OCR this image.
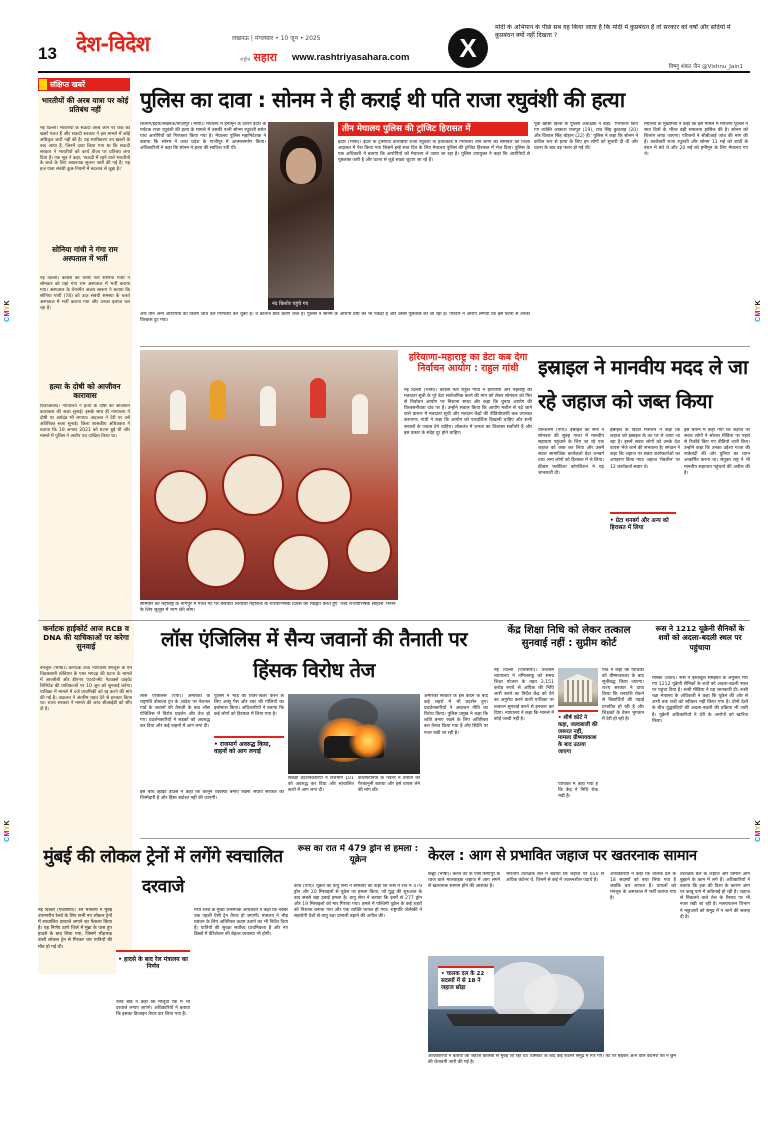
CMYK
CMYK
CMYK
CMYK
13 देश-विदेश	लखनऊ | मंगलवार • 10 जून • 2025
राष्ट्रीय सहारा www.rashtriyasahara.com	X
मोदी के अभियान के पीछे सब यह किया जाता है कि मोदी में कुप्रबंधन है तो सरकार को वर्षों और सदियों में कुप्रबंधन क्यों नहीं दिखता ?
विष्णु शंकर जैन @Vishnu_Jain1
संक्षिप्त खबरें
भारतीयों की अरब यात्रा पर कोई प्रतिबंध नहीं
नई दिल्ली। भारतीयों के सऊदी अरब जाने पर रोक की खबरें गलत हैं और सऊदी सरकार ने इस मामले में कोई अधिकृत जारी नहीं की है। यह स्पष्टीकरण उन खबरों के बाद आया है, जिनमें दावा किया गया था कि सऊदी सरकार ने भारतीयों को कार्य वीजा पर प्रतिबंध लगा दिया है। एक सूत्र ने कहा, 'सऊदी में रहने वाले भारतीयों के बच्चे के लिए आवश्यक सूचना जारी की गई है। यह हज यात्रा संबंधी कुछ नियमों में बदलाव से जुड़ा है।'
सोनिया गांधी ने गंगा राम अस्पताल में भर्ती
नई दिल्ली। कांग्रेस की वरिष्ठ नेता सोनिया गांधी ने सोमवार को यहां गंगा राम अस्पताल में भर्ती कराया गया। अस्पताल के चेयरमैन अजय स्वरूप ने बताया कि सोनिया गांधी (78) को उदर संबंधी समस्या के चलते अस्पताल में भर्ती कराया गया और उनका इलाज चल रहा है।
हत्या के दोषी को आजीवन कारावास
फिरोजाबाद। न्यायालय ने हत्या के दोषी को आजीवन कारावास की सजा सुनाई। इसके साथ ही न्यायालय ने दोषी पर अर्थदंड भी लगाया। अदालत ने देरी पर उसे अतिरिक्त सजा सुनाई। जिला शासकीय अधिवक्ता ने बताया कि 19 अगस्त 2021 को घटना हुई थी और मामले में पुलिस ने आरोप पत्र दाखिल किया था।
पुलिस का दावा : सोनम ने ही कराई थी पति राजा रघुवंशी की हत्या
शिलांग/इंदौर/लखनऊ/ग़ाज़ीपुर (भाषा)। मेघालय में हनीमून के दौरान इंदौर के पर्यटक राजा रघुवंशी की हत्या के मामले में उसकी पत्नी सोनम रघुवंशी समेत पांच आरोपियों को गिरफ्तार किया गया है। मेघालय पुलिस महानिदेशक ने बताया कि सोनम ने उत्तर प्रदेश के गाजीपुर में आत्मसमर्पण किया। अधिकारियों ने कहा कि सोनम ने हत्या की साजिश रची थी।
नंद किशोर पहुंचे गए
तीन मेघालय पुलिस की ट्रांजिट हिरासत में
इंदौर (भाषा)। इंदौर के ट्रांसपोर्ट कारोबारी राजा रघुवंशी के हत्याकांड में गिरफ्तार तीन लोगों को सोमवार को जिला अदालत में पेश किया गया जिसने इन्हें सात दिन के लिए मेघालय पुलिस की ट्रांजिट हिरासत में भेज दिया। पुलिस के एक अधिकारी ने बताया कि आरोपियों को मेघालय ले जाया जा रहा है। पुलिस उपायुक्त ने कहा कि आरोपियों से पूछताछ जारी है और घटना से जुड़े साक्ष्य जुटाए जा रहे हैं।
पूर्वी खासी हिल्स के पुलिस अधीक्षक ने कहा, 'गिरफ्तार किए गए व्यक्ति आकाश राजपूत (19), राज सिंह कुशवाह (20) और विशाल सिंह चौहान (22) हैं।' पुलिस ने कहा कि सोनम ने कथित रूप से हत्या के लिए इन लोगों को सुपारी दी थी और घटना के बाद वह फरार हो गई थी।
मेघालय के मुख्यमंत्री ने कहा कि इस मामले में मेघालय पुलिस ने सात दिनों के भीतर बड़ी सफलता हासिल की है। सोनम को शिलांग लाया जाएगा। परिजनों ने सीबीआई जांच की मांग की है। कारोबारी राजा रघुवंशी और सोनम 11 मई को शादी के बंधन में बंधे थे और 20 मई को हनीमून के लिए मेघालय गए थे।
और तीन अन्य आरोपियों को विशेष जांच दल गिरफ्तार कर चुका है। वे कॉलेज छात्र बताए जाते हैं। पुलिस ने सोनम के आरोपी प्रेमी को भी पकड़ा है और उससे पूछताछ की जा रही है। परिवार ने आरोप लगाया कि इस घटना से उनका विश्वास टूट गया।
सोमवार को महाराष्ट्र के नागपुर में गांधी गेट पर छत्रपति शिवाजी महाराज के राज्याभिषेक दिवस को चिह्नित करते हुए 'शिव राज्याभिषेक सोहला' मनाने के लिए जुलूस में भाग लेते लोग।
हरियाणा-महाराष्ट्र का डेटा कब देगा निर्वाचन आयोग : राहुल गांधी
नई दिल्ली (भाषा)। कांग्रेस नेता राहुल गांधी ने हरियाणा और महाराष्ट्र की मतदाता सूची के पूरे डेटा सार्वजनिक करने की मांग को लेकर सोमवार को फिर से निर्वाचन आयोग पर निशाना साधा और कहा कि चुनाव आयोग की विश्वसनीयता दांव पर है। उन्होंने सवाल किया कि आयोग मशीन से पढ़े जाने वाले प्रारूप में मतदाता सूची और मतदान केंद्रों की वीडियोग्राफी कब उपलब्ध कराएगा। गांधी ने कहा कि आयोग को पारदर्शिता दिखानी चाहिए और सभी सवालों के जवाब देने चाहिए। लोकतंत्र में जनता का विश्वास सर्वोपरि है और इस प्रकार के संदेह दूर होने चाहिए।
इस्राइल ने मानवीय मदद ले जा रहे जहाज को जब्त किया
यरूशलम (एपी)। इस्राइल की सेना ने सोमवार की सुबह गाजा में मानवीय सहायता पहुंचाने के लिए जा रहे एक जहाज को जब्त कर लिया और उसमें सवार सामाजिक कार्यकर्ता ग्रेटा थनबर्ग तथा अन्य लोगों को हिरासत में ले लिया। फ्रीडम फ्लोटिला कोएलिशन ने यह जानकारी दी।
इस्राइल के विदेश मंत्रालय ने कहा कि जहाज को इस्राइल के तट पर ले जाया जा रहा है। इसमें सवार लोगों को उनके देश वापस भेजे जाने की संभावना है। संगठन ने कहा कि जहाज पर सवार कार्यकर्ताओं का अपहरण किया गया। जहाज 'मेडलीन' पर 12 कार्यकर्ता सवार थे।
• ग्रेटा थनबर्ग और अन्य को हिरासत में लिया
इस बयान में कहा गया कि जहाज पर सवार लोगों ने सोशल मीडिया पर पहले से रिकॉर्ड किए गए वीडियो जारी किए। उन्होंने कहा कि उनका उद्देश्य गाजा की नाकेबंदी की ओर दुनिया का ध्यान आकर्षित करना था। संयुक्त राष्ट्र ने भी मानवीय सहायता पहुंचाने की अपील की है।
कर्नाटक हाईकोर्ट आज RCB व DNA की याचिकाओं पर करेगा सुनवाई
बेंगलुरू (भाषा)। कर्नाटक उच्च न्यायालय बेंगलुरू के एम चिन्नास्वामी स्टेडियम के पास भगदड़ की घटना के मामले में आरसीबी और डीएनए एंटरटेनमेंट नेटवर्क्स प्राइवेट लिमिटेड की याचिकाओं पर 10 जून को सुनवाई करेगा। याचिका में मामले में दर्ज प्राथमिकी को रद्द करने की मांग की गई है। अदालत ने अंतरिम राहत देने से इनकार किया था। राज्य सरकार ने मामले की जांच सीआईडी को सौंप दी है।
लॉस एंजिलिस में सैन्य जवानों की तैनाती पर हिंसक विरोध तेज
लॉस एंजिलिस (एपी)। अमेरिका के राष्ट्रपति डोनाल्ड ट्रंप के आदेश पर नेशनल गार्ड के जवानों की तैनाती के बाद लॉस एंजिलिस में विरोध प्रदर्शन और तेज हो गए। प्रदर्शनकारियों ने सड़कों को अवरुद्ध कर दिया और कई वाहनों में आग लगा दी।
पुलिस ने भीड़ को तितर-बितर करने के लिए आंसू गैस और रबर की गोलियों का इस्तेमाल किया। अधिकारियों ने बताया कि कई लोगों को हिरासत में लिया गया है।
• राजमार्ग अवरुद्ध किया, वाहनों को आग लगाई
सैकड़ों प्रदर्शनकारियों ने राजमार्ग 101 को अवरुद्ध कर दिया और स्वचालित कारों में आग लगा दी।
कैलिफोर्निया के गवर्नर ने तैनाती को गैरकानूनी बताया और इसे वापस लेने की मांग की।
अमेरिकी सरकार के इस कदम के बाद कई शहरों में भी प्रदर्शन हुए। प्रदर्शनकारियों ने आव्रजन नीति का विरोध किया। पुलिस प्रमुख ने कहा कि शांति बनाए रखने के लिए अतिरिक्त बल तैनात किया गया है और स्थिति पर नजर रखी जा रही है।
इस बीच व्हाइट हाउस ने कहा कि कानून व्यवस्था बनाए रखना संघीय सरकार की जिम्मेदारी है और हिंसा बर्दाश्त नहीं की जाएगी।
केंद्र शिक्षा निधि को लेकर तत्काल सुनवाई नहीं : सुप्रीम कोर्ट
नई दिल्ली (एजेंसियां)। उच्चतम न्यायालय ने तमिलनाडु को समग्र शिक्षा योजना के तहत 2,151 करोड़ रुपये से अधिक की निधि जारी करने का निर्देश केंद्र को देने का अनुरोध करने वाली याचिका पर तत्काल सुनवाई करने से इनकार कर दिया। न्यायालय ने कहा कि मामले में कोई जल्दी नहीं है।	• शीर्ष कोर्ट ने कहा, जल्दबाजी की जरूरत नहीं, मामला ग्रीष्मावकाश के बाद उठाया जाएगा
याचिका में कहा गया है कि केंद्र ने निधि रोक रखी है।
पीठ ने कहा कि याचिका को ग्रीष्मावकाश के बाद सूचीबद्ध किया जाएगा। राज्य सरकार ने दावा किया कि धनराशि रोकने से विद्यार्थियों की पढ़ाई प्रभावित हो रही है और शिक्षकों के वेतन भुगतान में देरी हो रही है।
रूस ने 1212 यूक्रेनी सैनिकों के शवों को अदला-बदली स्थल पर पहुंचाया
मॉस्को (वार्ता)। रूस ने इस्तांबुल समझौते के अनुसार मारे गए 1212 यूक्रेनी सैनिकों के शवों को अदला-बदली स्थल पर पहुंचा दिया है। रूसी मीडिया ने यह जानकारी दी। रूसी रक्षा मंत्रालय के अधिकारी ने कहा कि यूक्रेन की ओर से अभी तक शवों को स्वीकार नहीं किया गया है। दोनों देशों के बीच युद्धबंदियों की अदला-बदली की प्रक्रिया भी जारी है। यूक्रेनी अधिकारियों ने देरी के आरोपों को खारिज किया।
मुंबई की लोकल ट्रेनों में लगेंगे स्वचालित दरवाजे
नई दिल्ली (एजेंसियां)। रेल मंत्रालय ने मुंबई उपनगरीय रेलवे के लिए सभी नए लोकल ट्रेनों में स्वचालित दरवाजे लगाने का फैसला किया है। यह निर्णय ठाणे जिले में मुंब्रा के पास हुए हादसे के बाद लिया गया, जिसमें भीड़भाड़ वाली लोकल ट्रेन से गिरकर चार यात्रियों की मौत हो गई थी।
रेलवे बोर्ड ने कहा कि मौजूदा रेक में भी दरवाजे लगाए जाएंगे। अधिकारियों ने बताया कि इसका डिजाइन तैयार कर लिया गया है।
• हादसे के बाद रेल मंत्रालय का निर्णय
मध्य रेलवे के मुख्य जनसंपर्क अधिकारी ने कहा कि नवंबर तक पहली ऐसी ट्रेन तैयार हो जाएगी। मंत्रालय ने भीड़ प्रबंधन के लिए अतिरिक्त कदम उठाने का भी निर्देश दिया है। यात्रियों की सुरक्षा सर्वोच्च प्राथमिकता है और नए डिब्बों में वेंटिलेशन की बेहतर व्यवस्था भी होगी।
रूस का रात में 479 ड्रोन से हमला : यूक्रेन
कीव (एपी)। यूक्रेन की वायु सेना ने सोमवार को कहा कि रूस ने रात में 479 ड्रोन और 20 मिसाइलों से यूक्रेन पर हमला किया, जो युद्ध की शुरुआत के बाद सबसे बड़ा हवाई हमला है। वायु सेना ने बताया कि इनमें से 277 ड्रोन और 19 मिसाइलों को मार गिराया गया। हमले में पश्चिमी यूक्रेन के कई शहरों को निशाना बनाया गया और एक व्यक्ति घायल हो गया। राष्ट्रपति जेलेंस्की ने सहयोगी देशों से वायु रक्षा प्रणाली बढ़ाने की अपील की।
केरल : आग से प्रभावित जहाज पर खतरनाक सामान
कन्नूर (भाषा)। केरल तट के पास सिंगापुर के ध्वज वाले मालवाहक जहाज में आग लगने से खतरनाक सामान होने की आशंका है।
भारतीय तटरक्षक बल ने बताया कि जहाज पर 650 से अधिक कंटेनर थे, जिनमें से कई में ज्वलनशील पदार्थ हैं।
• चालक दल के 22 सदस्यों में से 18 ने जहाज छोड़ा
अधिकारियों ने कहा कि चालक दल के 18 सदस्यों को बचा लिया गया है जबकि चार लापता हैं। घायलों को मंगलुरु के अस्पताल में भर्ती कराया गया है।
तटरक्षक बल के जहाज और विमान आग बुझाने के काम में लगे हैं। अधिकारियों ने बताया कि हवा की दिशा के कारण आग पर काबू पाने में कठिनाई हो रही है। जहाज से निकलने वाले तेल के रिसाव पर भी नजर रखी जा रही है। मत्स्यपालन विभाग ने मछुआरों को समुद्र में न जाने की सलाह दी है।
अधिकारियों ने बताया कि जहाज कोलंबो से मुंबई जा रहा था। विस्फोट के बाद कई कंटेनर समुद्र में गिर गए। तट पर बहकर आने वाले कंटेनरों को न छूने की चेतावनी जारी की गई है।
